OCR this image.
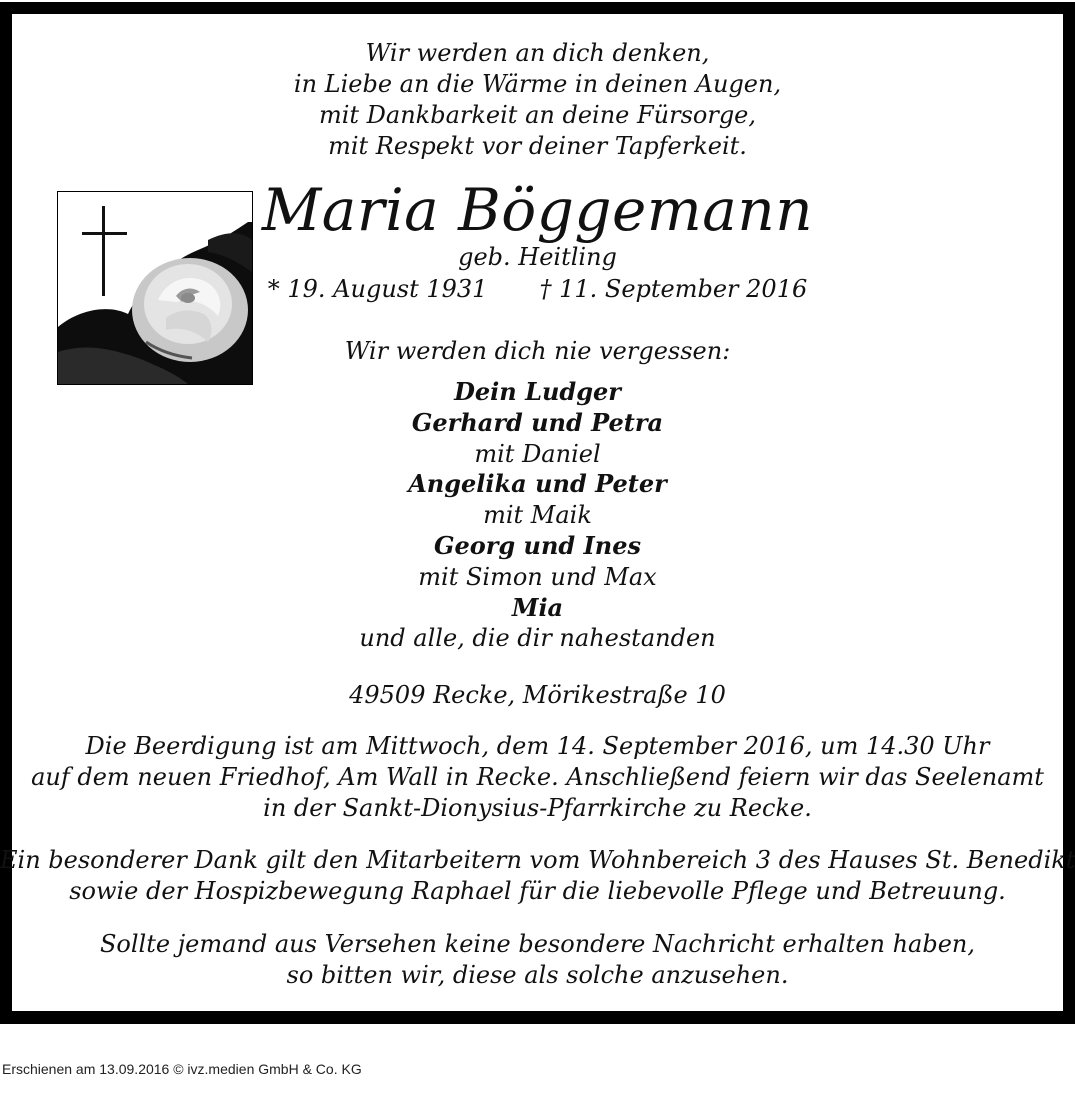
Wir werden an dich denken,
in Liebe an die Wärme in deinen Augen,
mit Dankbarkeit an deine Fürsorge,
mit Respekt vor deiner Tapferkeit.
Maria Böggemann
geb. Heitling
* 19. August 1931 † 11. September 2016
Wir werden dich nie vergessen:
Dein Ludger
Gerhard und Petra
mit Daniel
Angelika und Peter
mit Maik
Georg und Ines
mit Simon und Max
Mia
und alle, die dir nahestanden
49509 Recke, Mörikestraße 10
Die Beerdigung ist am Mittwoch, dem 14. September 2016, um 14.30 Uhr
auf dem neuen Friedhof, Am Wall in Recke. Anschließend feiern wir das Seelenamt
in der Sankt-Dionysius-Pfarrkirche zu Recke.
Ein besonderer Dank gilt den Mitarbeitern vom Wohnbereich 3 des Hauses St. Benedikt
sowie der Hospizbewegung Raphael für die liebevolle Pflege und Betreuung.
Sollte jemand aus Versehen keine besondere Nachricht erhalten haben,
so bitten wir, diese als solche anzusehen.
Erschienen am 13.09.2016 © ivz.medien GmbH & Co. KG
